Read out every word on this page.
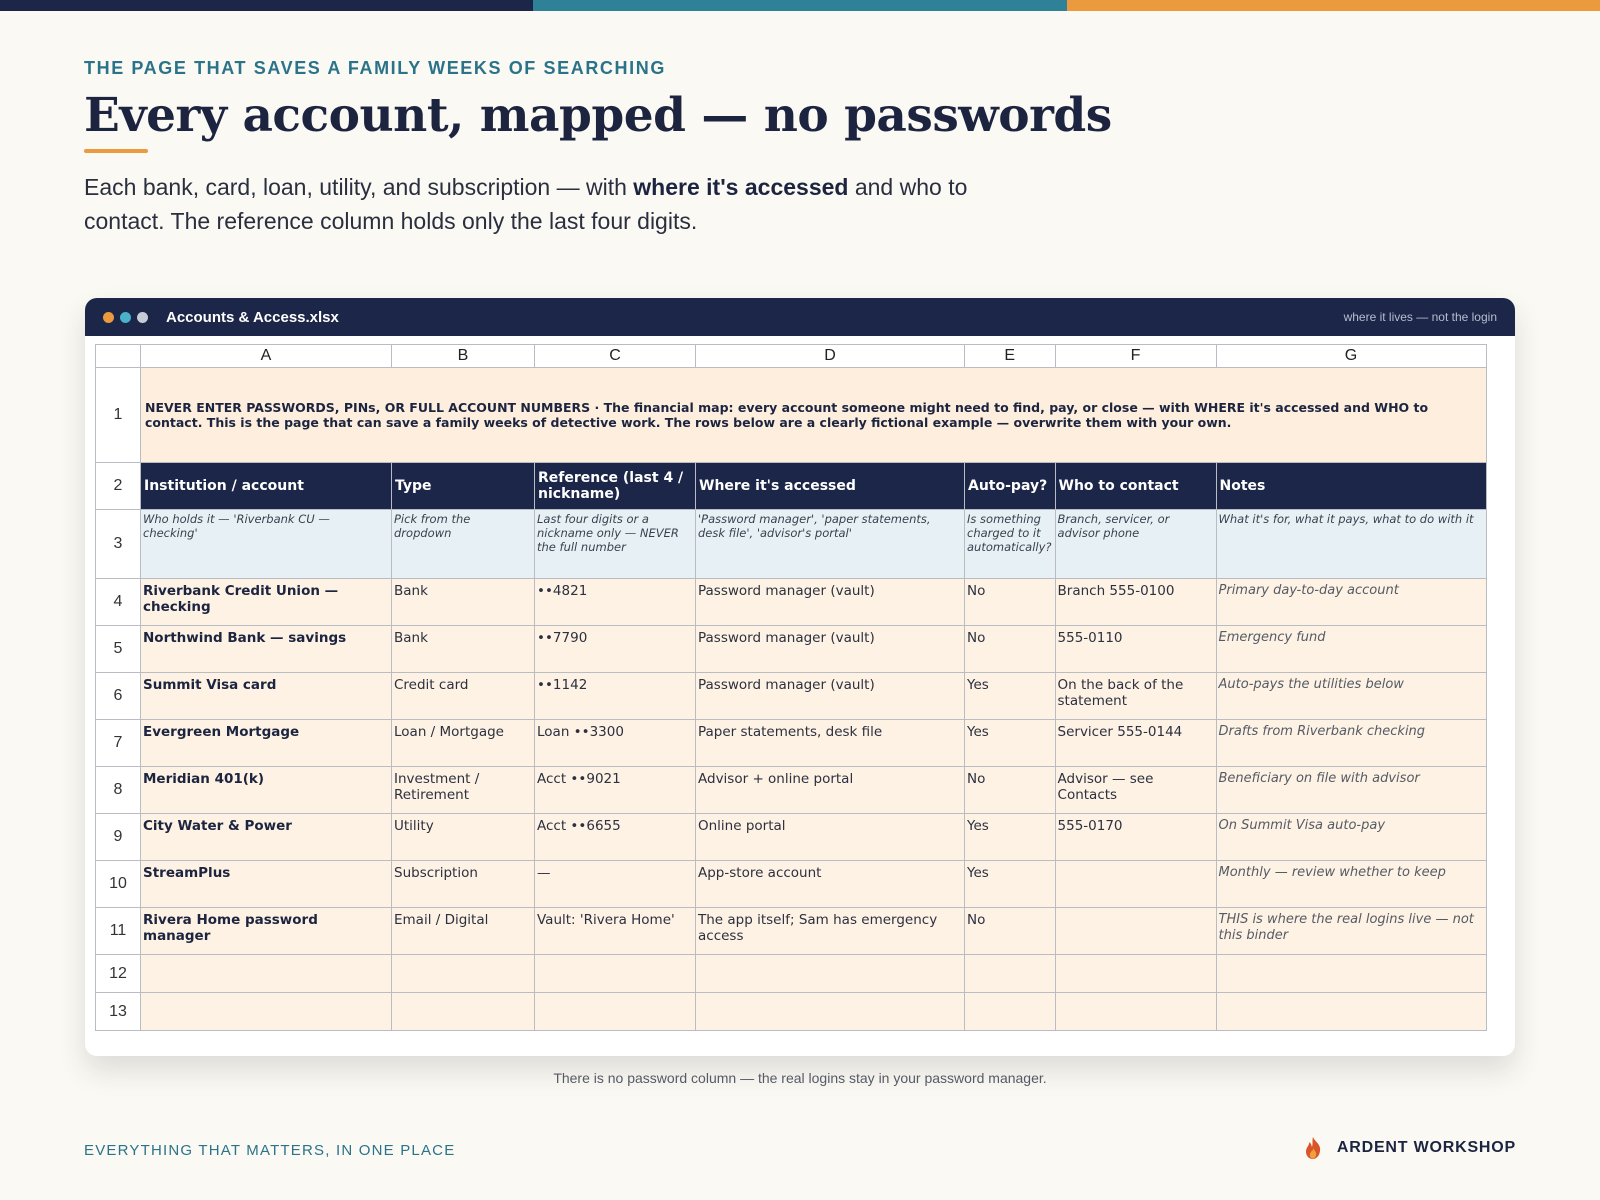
THE PAGE THAT SAVES A FAMILY WEEKS OF SEARCHING
Every account, mapped — no passwords

Each bank, card, loan, utility, and subscription — with where it's accessed and who to contact. The reference column holds only the last four digits.

Accounts & Access.xlsx	where it lives — not the login
	A	B	C	D	E	F	G
1	NEVER ENTER PASSWORDS, PINs, OR FULL ACCOUNT NUMBERS · The financial map: every account someone might need to find, pay, or close — with WHERE it's accessed and WHO to contact. This is the page that can save a family weeks of detective work. The rows below are a clearly fictional example — overwrite them with your own.						
2	Institution / account	Type	Reference (last 4 / nickname)	Where it's accessed	Auto-pay?	Who to contact	Notes
3	Who holds it — 'Riverbank CU — checking'	Pick from the dropdown	Last four digits or a nickname only — NEVER the full number	'Password manager', 'paper statements, desk file', 'advisor's portal'	Is something charged to it automatically?	Branch, servicer, or advisor phone	What it's for, what it pays, what to do with it
4	Riverbank Credit Union — checking	Bank	••4821	Password manager (vault)	No	Branch 555-0100	Primary day-to-day account
5	Northwind Bank — savings	Bank	••7790	Password manager (vault)	No	555-0110	Emergency fund
6	Summit Visa card	Credit card	••1142	Password manager (vault)	Yes	On the back of the statement	Auto-pays the utilities below
7	Evergreen Mortgage	Loan / Mortgage	Loan ••3300	Paper statements, desk file	Yes	Servicer 555-0144	Drafts from Riverbank checking
8	Meridian 401(k)	Investment / Retirement	Acct ••9021	Advisor + online portal	No	Advisor — see Contacts	Beneficiary on file with advisor
9	City Water & Power	Utility	Acct ••6655	Online portal	Yes	555-0170	On Summit Visa auto-pay
10	StreamPlus	Subscription	—	App-store account	Yes		Monthly — review whether to keep
11	Rivera Home password manager	Email / Digital	Vault: 'Rivera Home'	The app itself; Sam has emergency access	No		THIS is where the real logins live — not this binder
12							
13							
There is no password column — the real logins stay in your password manager.
EVERYTHING THAT MATTERS, IN ONE PLACE	ARDENT WORKSHOP
